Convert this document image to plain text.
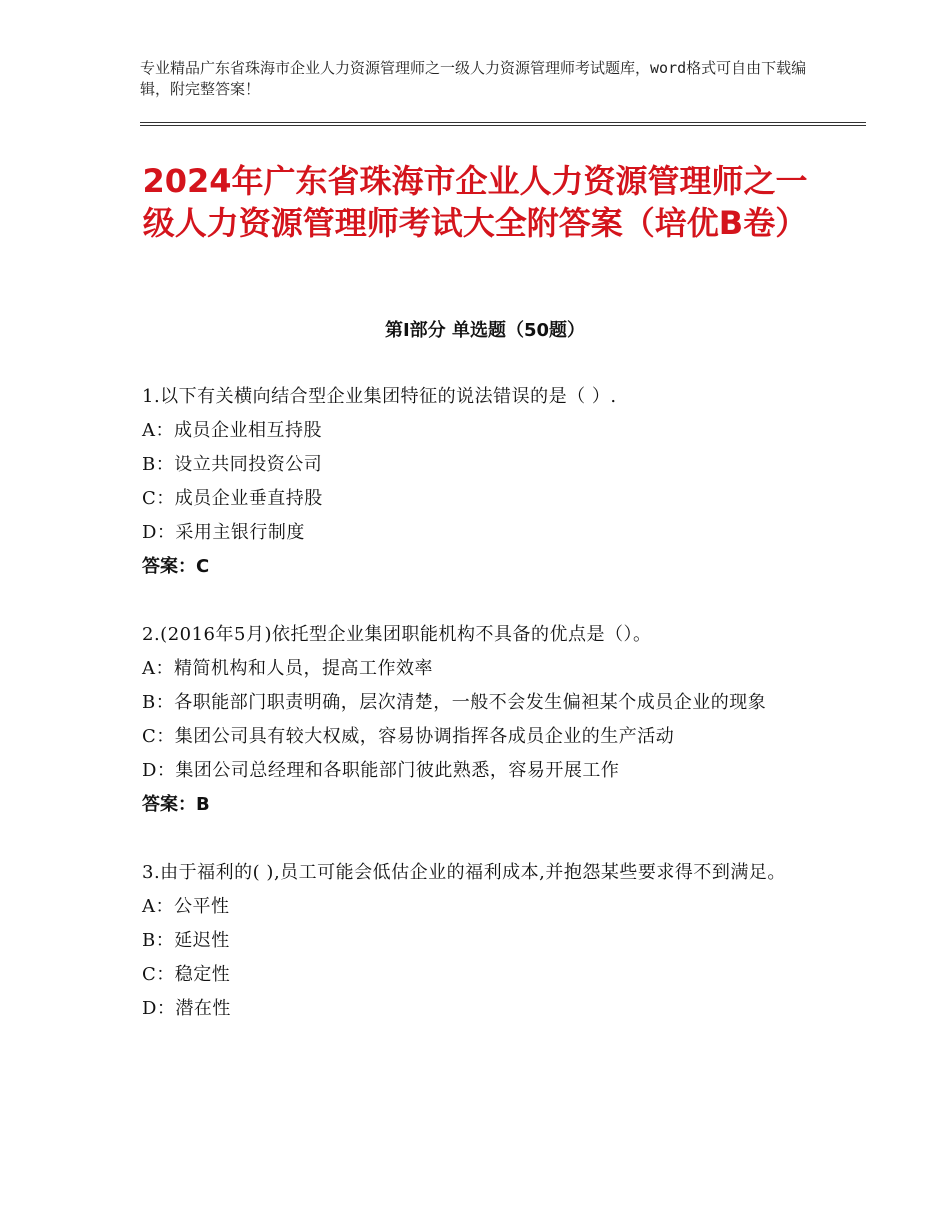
专业精品广东省珠海市企业人力资源管理师之一级人力资源管理师考试题库，word格式可自由下载编辑，附完整答案！
2024年广东省珠海市企业人力资源管理师之一级人力资源管理师考试大全附答案（培优B卷）
第Ⅰ部分 单选题（50题）
1.以下有关横向结合型企业集团特征的说法错误的是（ ）.
A：成员企业相互持股
B：设立共同投资公司
C：成员企业垂直持股
D：采用主银行制度
答案：C
2.(2016年5月)依托型企业集团职能机构不具备的优点是（）。
A：精简机构和人员，提高工作效率
B：各职能部门职责明确，层次清楚，一般不会发生偏袒某个成员企业的现象
C：集团公司具有较大权威，容易协调指挥各成员企业的生产活动
D：集团公司总经理和各职能部门彼此熟悉，容易开展工作
答案：B
3.由于福利的( ),员工可能会低估企业的福利成本,并抱怨某些要求得不到满足。
A：公平性
B：延迟性
C：稳定性
D：潜在性
